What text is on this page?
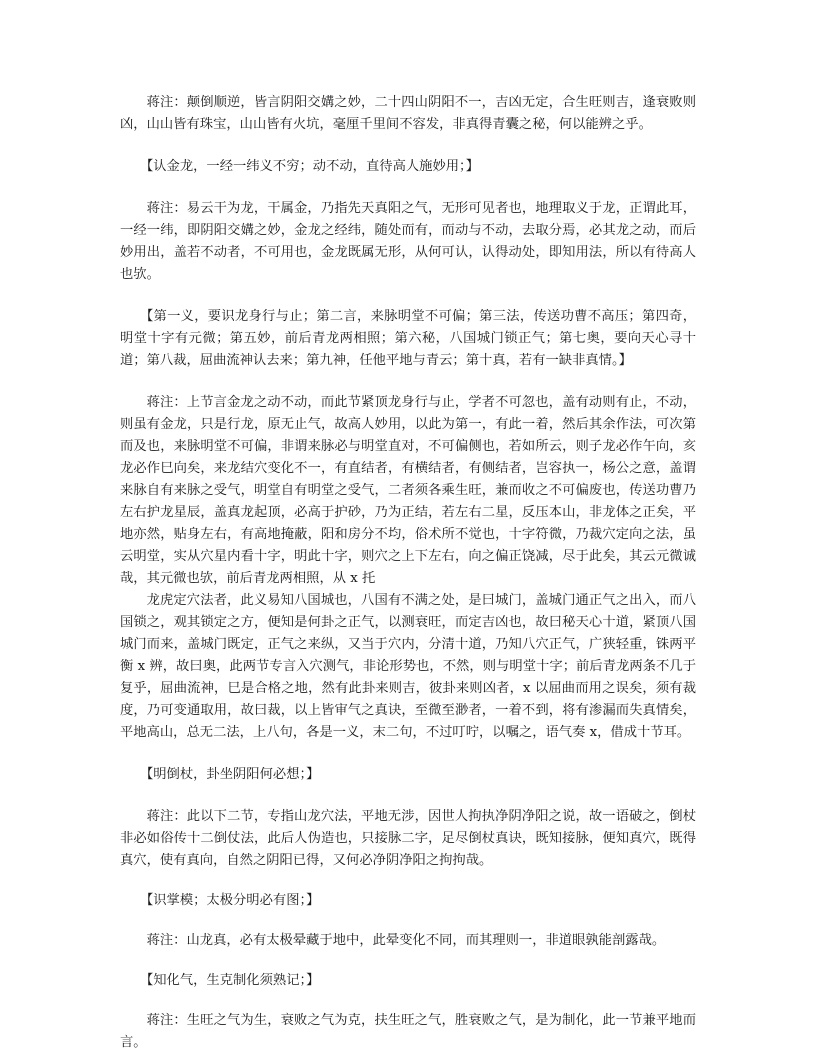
蒋注：颠倒顺逆，皆言阴阳交媾之妙，二十四山阴阳不一，吉凶无定，合生旺则吉，逢衰败则凶，山山皆有珠宝，山山皆有火坑，毫厘千里间不容发，非真得青囊之秘，何以能辨之乎。

【认金龙，一经一纬义不穷；动不动，直待高人施妙用；】

蒋注：易云干为龙，干属金，乃指先天真阳之气，无形可见者也，地理取义于龙，正谓此耳，一经一纬，即阴阳交媾之妙，金龙之经纬，随处而有，而动与不动，去取分焉，必其龙之动，而后妙用出，盖若不动者，不可用也，金龙既属无形，从何可认，认得动处，即知用法，所以有待高人也欤。

【第一义，要识龙身行与止；第二言，来脉明堂不可偏；第三法，传送功曹不高压；第四奇，明堂十字有元微；第五妙，前后青龙两相照；第六秘，八国城门锁正气；第七奥，要向天心寻十道；第八裁，屈曲流神认去来；第九神，任他平地与青云；第十真，若有一缺非真情。】

蒋注：上节言金龙之动不动，而此节紧顶龙身行与止，学者不可忽也，盖有动则有止，不动，则虽有金龙，只是行龙，原无止气，故高人妙用，以此为第一，有此一着，然后其余作法，可次第而及也，来脉明堂不可偏，非谓来脉必与明堂直对，不可偏侧也，若如所云，则子龙必作午向，亥龙必作巳向矣，来龙结穴变化不一，有直结者，有横结者，有侧结者，岂容执一，杨公之意，盖谓来脉自有来脉之受气，明堂自有明堂之受气，二者须各乘生旺，兼而收之不可偏废也，传送功曹乃左右护龙星辰，盖真龙起顶，必高于护砂，乃为正结，若左右二星，反压本山，非龙体之正矣，平地亦然，贴身左右，有高地掩蔽，阳和房分不均，俗术所不觉也，十字符微，乃裁穴定向之法，虽云明堂，实从穴星内看十字，明此十字，则穴之上下左右，向之偏正饶减，尽于此矣，其云元微诚哉，其元微也欤，前后青龙两相照，从 x 托

龙虎定穴法者，此义易知八国城也，八国有不满之处，是曰城门，盖城门通正气之出入，而八国锁之，观其锁定之方，便知是何卦之正气，以测衰旺，而定吉凶也，故曰秘天心十道，紧顶八国城门而来，盖城门既定，正气之来纵，又当于穴内，分清十道，乃知八穴正气，广狭轻重，铢两平衡 x 辨，故曰奥，此两节专言入穴测气，非论形势也，不然，则与明堂十字；前后青龙两条不几于复乎，屈曲流神，巳是合格之地，然有此卦来则吉，彼卦来则凶者，x 以屈曲而用之误矣，须有裁度，乃可变通取用，故曰裁，以上皆审气之真诀，至微至渺者，一着不到，将有渗漏而失真情矣，平地高山，总无二法，上八句，各是一义，末二句，不过叮咛，以嘱之，语气奏 x，借成十节耳。

【明倒杖，卦坐阴阳何必想；】

蒋注：此以下二节，专指山龙穴法，平地无涉，因世人拘执净阴净阳之说，故一语破之，倒杖非必如俗传十二倒仗法，此后人伪造也，只接脉二字，足尽倒杖真诀，既知接脉，便知真穴，既得真穴，使有真向，自然之阴阳已得，又何必净阴净阳之拘拘哉。

【识掌模；太极分明必有图；】

蒋注：山龙真，必有太极晕藏于地中，此晕变化不同，而其理则一，非道眼孰能剖露哉。

【知化气，生克制化须熟记；】

蒋注：生旺之气为生，衰败之气为克，扶生旺之气，胜衰败之气，是为制化，此一节兼平地而言。
